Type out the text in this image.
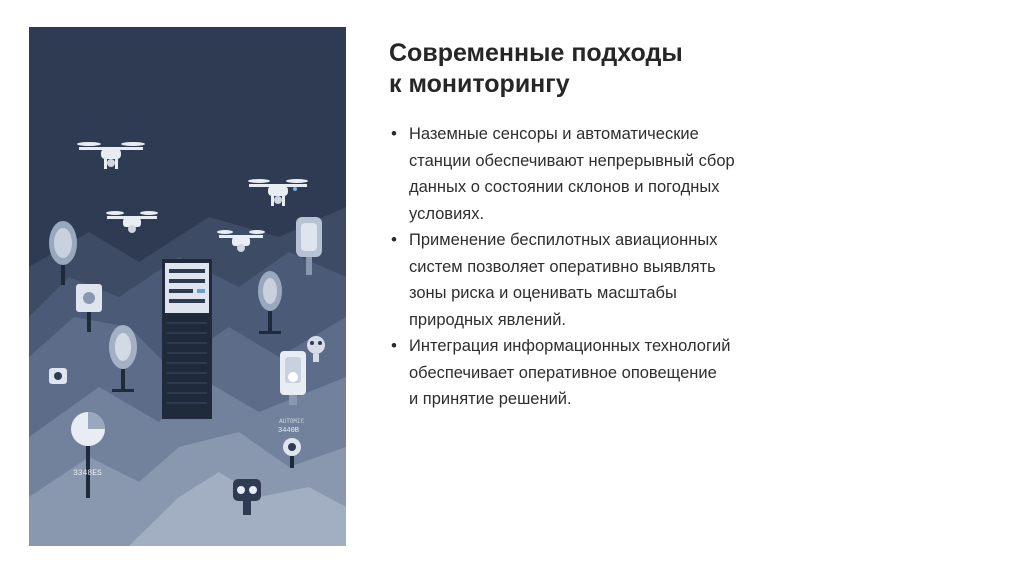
3348ES
AUTOMIC
3440B
Современные подходы
к мониторингу
• Наземные сенсоры и автоматические
станции обеспечивают непрерывный сбор
данных о состоянии склонов и погодных
условиях.
• Применение беспилотных авиационных
систем позволяет оперативно выявлять
зоны риска и оценивать масштабы
природных явлений.
• Интеграция информационных технологий
обеспечивает оперативное оповещение
и принятие решений.
